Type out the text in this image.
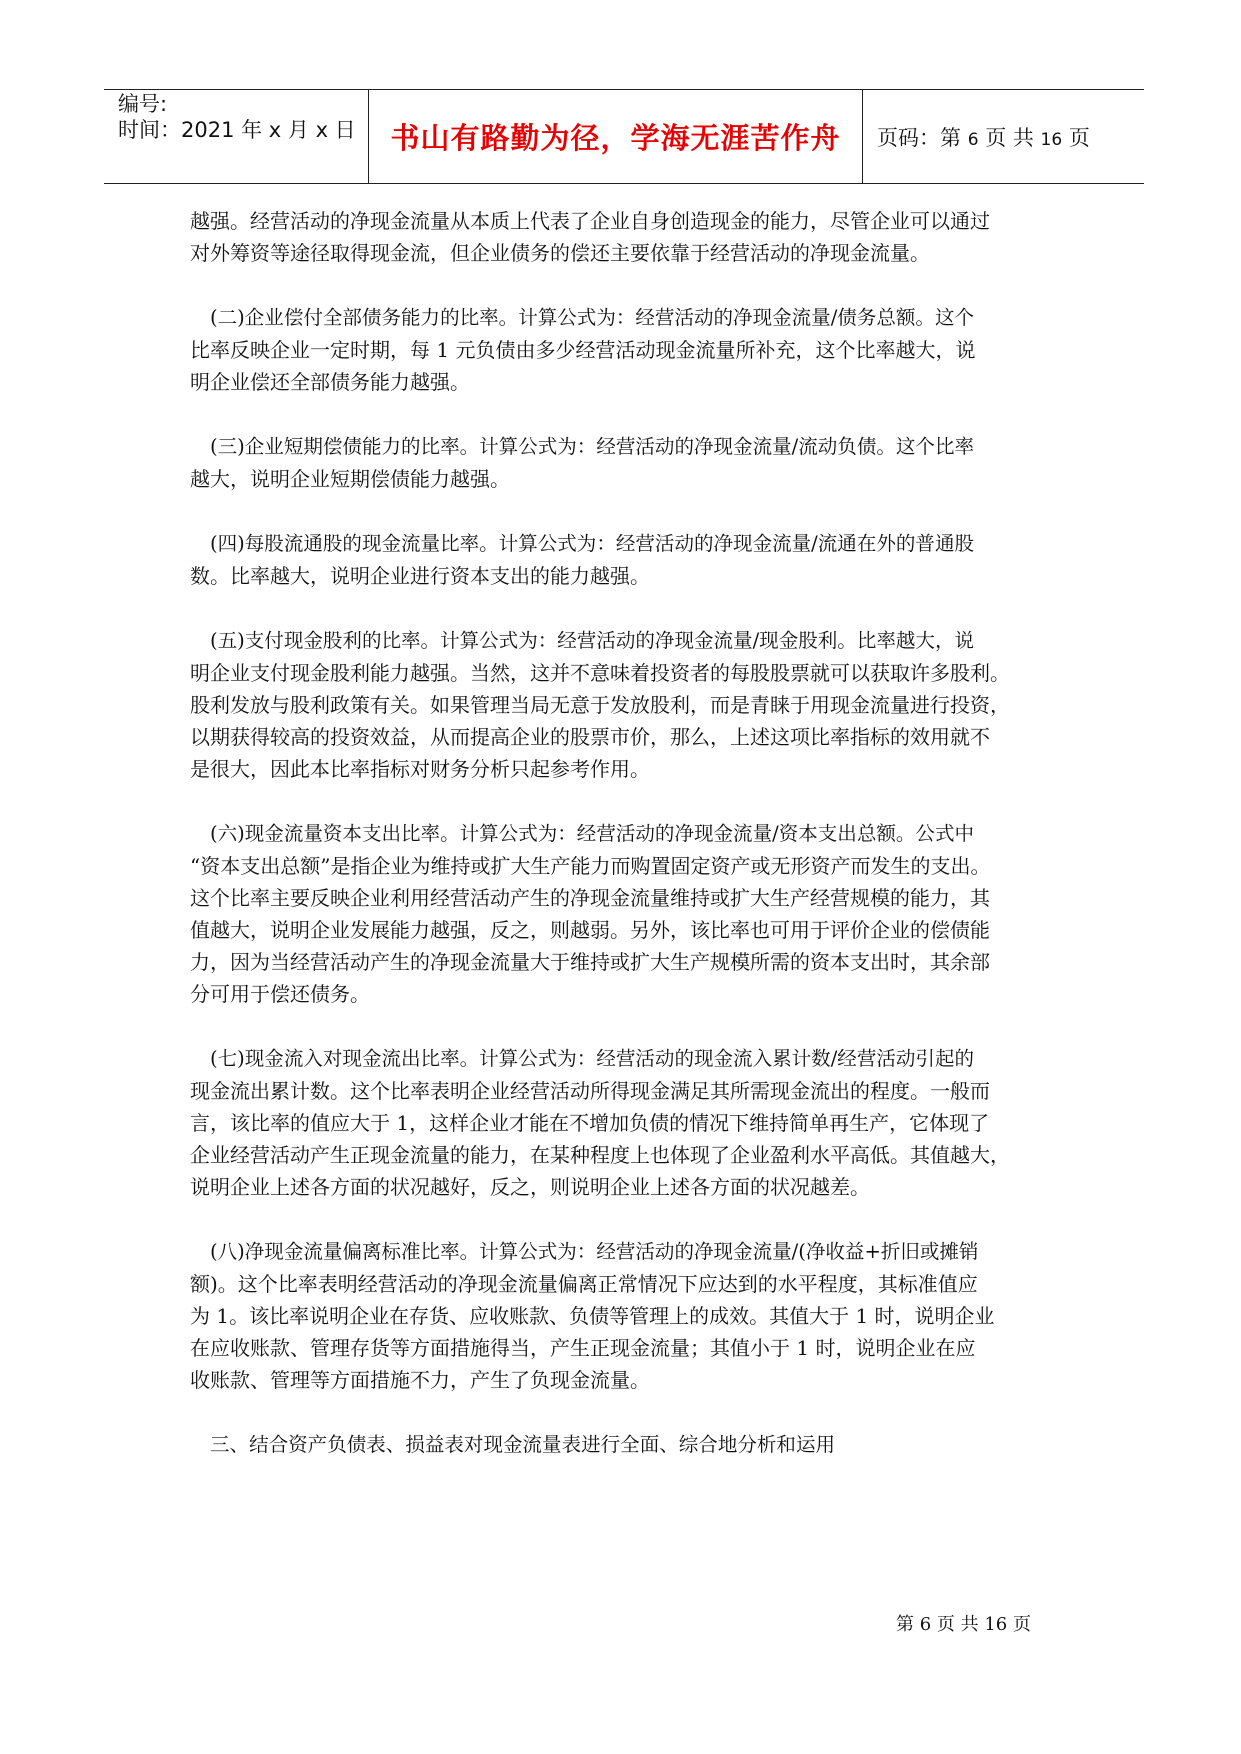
编号:
时间：2021 年 x 月 x 日	书山有路勤为径，学海无涯苦作舟	页码：第 6 页 共 16 页
越强。经营活动的净现金流量从本质上代表了企业自身创造现金的能力，尽管企业可以通过
对外筹资等途径取得现金流，但企业债务的偿还主要依靠于经营活动的净现金流量。
(二)企业偿付全部债务能力的比率。计算公式为：经营活动的净现金流量/债务总额。这个
比率反映企业一定时期，每 1 元负债由多少经营活动现金流量所补充，这个比率越大，说
明企业偿还全部债务能力越强。
(三)企业短期偿债能力的比率。计算公式为：经营活动的净现金流量/流动负债。这个比率
越大，说明企业短期偿债能力越强。
(四)每股流通股的现金流量比率。计算公式为：经营活动的净现金流量/流通在外的普通股
数。比率越大，说明企业进行资本支出的能力越强。
(五)支付现金股利的比率。计算公式为：经营活动的净现金流量/现金股利。比率越大，说
明企业支付现金股利能力越强。当然，这并不意味着投资者的每股股票就可以获取许多股利。
股利发放与股利政策有关。如果管理当局无意于发放股利，而是青睐于用现金流量进行投资，
以期获得较高的投资效益，从而提高企业的股票市价，那么，上述这项比率指标的效用就不
是很大，因此本比率指标对财务分析只起参考作用。
(六)现金流量资本支出比率。计算公式为：经营活动的净现金流量/资本支出总额。公式中
“资本支出总额”是指企业为维持或扩大生产能力而购置固定资产或无形资产而发生的支出。
这个比率主要反映企业利用经营活动产生的净现金流量维持或扩大生产经营规模的能力，其
值越大，说明企业发展能力越强，反之，则越弱。另外，该比率也可用于评价企业的偿债能
力，因为当经营活动产生的净现金流量大于维持或扩大生产规模所需的资本支出时，其余部
分可用于偿还债务。
(七)现金流入对现金流出比率。计算公式为：经营活动的现金流入累计数/经营活动引起的
现金流出累计数。这个比率表明企业经营活动所得现金满足其所需现金流出的程度。一般而
言，该比率的值应大于 1，这样企业才能在不增加负债的情况下维持简单再生产，它体现了
企业经营活动产生正现金流量的能力，在某种程度上也体现了企业盈利水平高低。其值越大，
说明企业上述各方面的状况越好，反之，则说明企业上述各方面的状况越差。
(八)净现金流量偏离标准比率。计算公式为：经营活动的净现金流量/(净收益+折旧或摊销
额)。这个比率表明经营活动的净现金流量偏离正常情况下应达到的水平程度，其标准值应
为 1。该比率说明企业在存货、应收账款、负债等管理上的成效。其值大于 1 时，说明企业
在应收账款、管理存货等方面措施得当，产生正现金流量；其值小于 1 时，说明企业在应
收账款、管理等方面措施不力，产生了负现金流量。
三、结合资产负债表、损益表对现金流量表进行全面、综合地分析和运用
第 6 页 共 16 页
